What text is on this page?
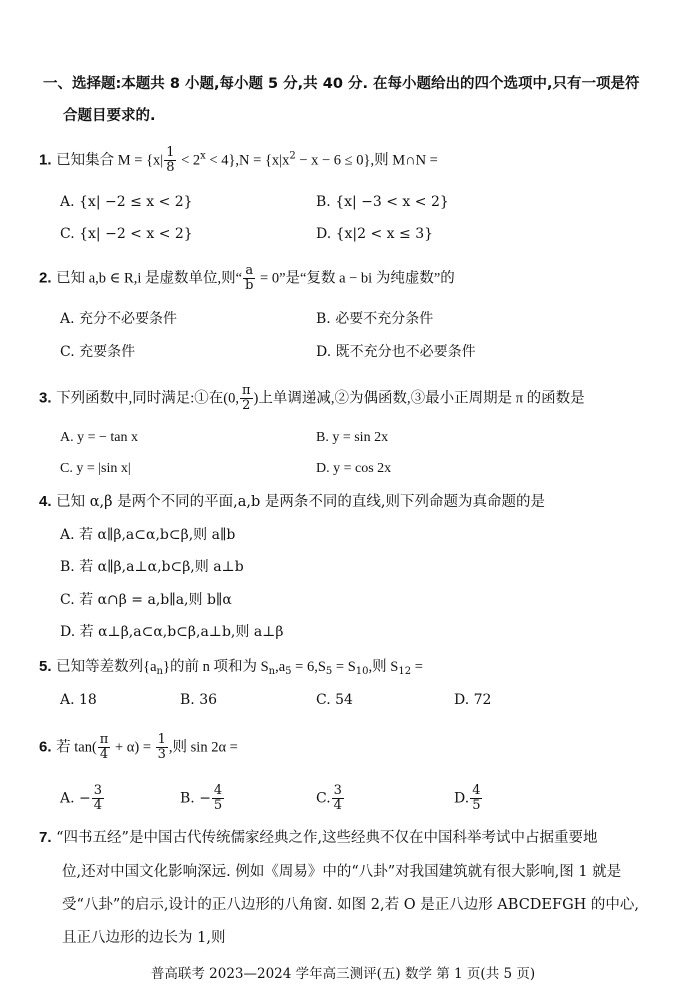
一、选择题:本题共 8 小题,每小题 5 分,共 40 分. 在每小题给出的四个选项中,只有一项是符
合题目要求的.
1. 已知集合 $M = \{x| \frac{1}{8} < 2^x < 4\},N = \{x|x^2 - x - 6 \le 0\}$,则 M∩N =
A. {x| −2 ≤ x < 2}	B. {x| −3 < x < 2}
C. {x| −2 < x < 2}	D. {x|2 < x ≤ 3}
2. 已知 a,b ∈ R,i 是虚数单位,则“ $\frac{a}{b} = 0$”是“复数 a − bi 为纯虚数”的
A. 充分不必要条件	B. 必要不充分条件
C. 充要条件	D. 既不充分也不必要条件
3. 下列函数中,同时满足:①在(0, $\frac{\pi}{2}$ )上单调递减,②为偶函数,③最小正周期是 π 的函数是
A. y = − tan x	B. y = sin 2x
C. y = |sin x|	D. y = cos 2x
4. 已知 α,β 是两个不同的平面,a,b 是两条不同的直线,则下列命题为真命题的是
A. 若 α∥β,a⊂α,b⊂β,则 a∥b
B. 若 α∥β,a⊥α,b⊂β,则 a⊥b
C. 若 α∩β = a,b∥a,则 b∥α
D. 若 α⊥β,a⊂α,b⊂β,a⊥b,则 a⊥β
5. 已知等差数列$\{a_n\}$的前 n 项和为 $S_n,a_5 = 6,S_5 = S_{10}$,则 $S_{12}$ =
A. 18	B. 36	C. 54	D. 72
6. 若 $\tan( \frac{\pi}{4} + \alpha) = \frac{1}{3}$ ,则 sin 2α =
A. − $\frac{3}{4}$	B. − $\frac{4}{5}$	C. $\frac{3}{4}$	D. $\frac{4}{5}$
7. “四书五经”是中国古代传统儒家经典之作,这些经典不仅在中国科举考试中占据重要地
位,还对中国文化影响深远. 例如《周易》中的“八卦”对我国建筑就有很大影响,图 1 就是
受“八卦”的启示,设计的正八边形的八角窗. 如图 2,若 O 是正八边形 ABCDEFGH 的中心,
且正八边形的边长为 1,则
普高联考 2023—2024 学年高三测评(五) 数学 第 1 页(共 5 页)
